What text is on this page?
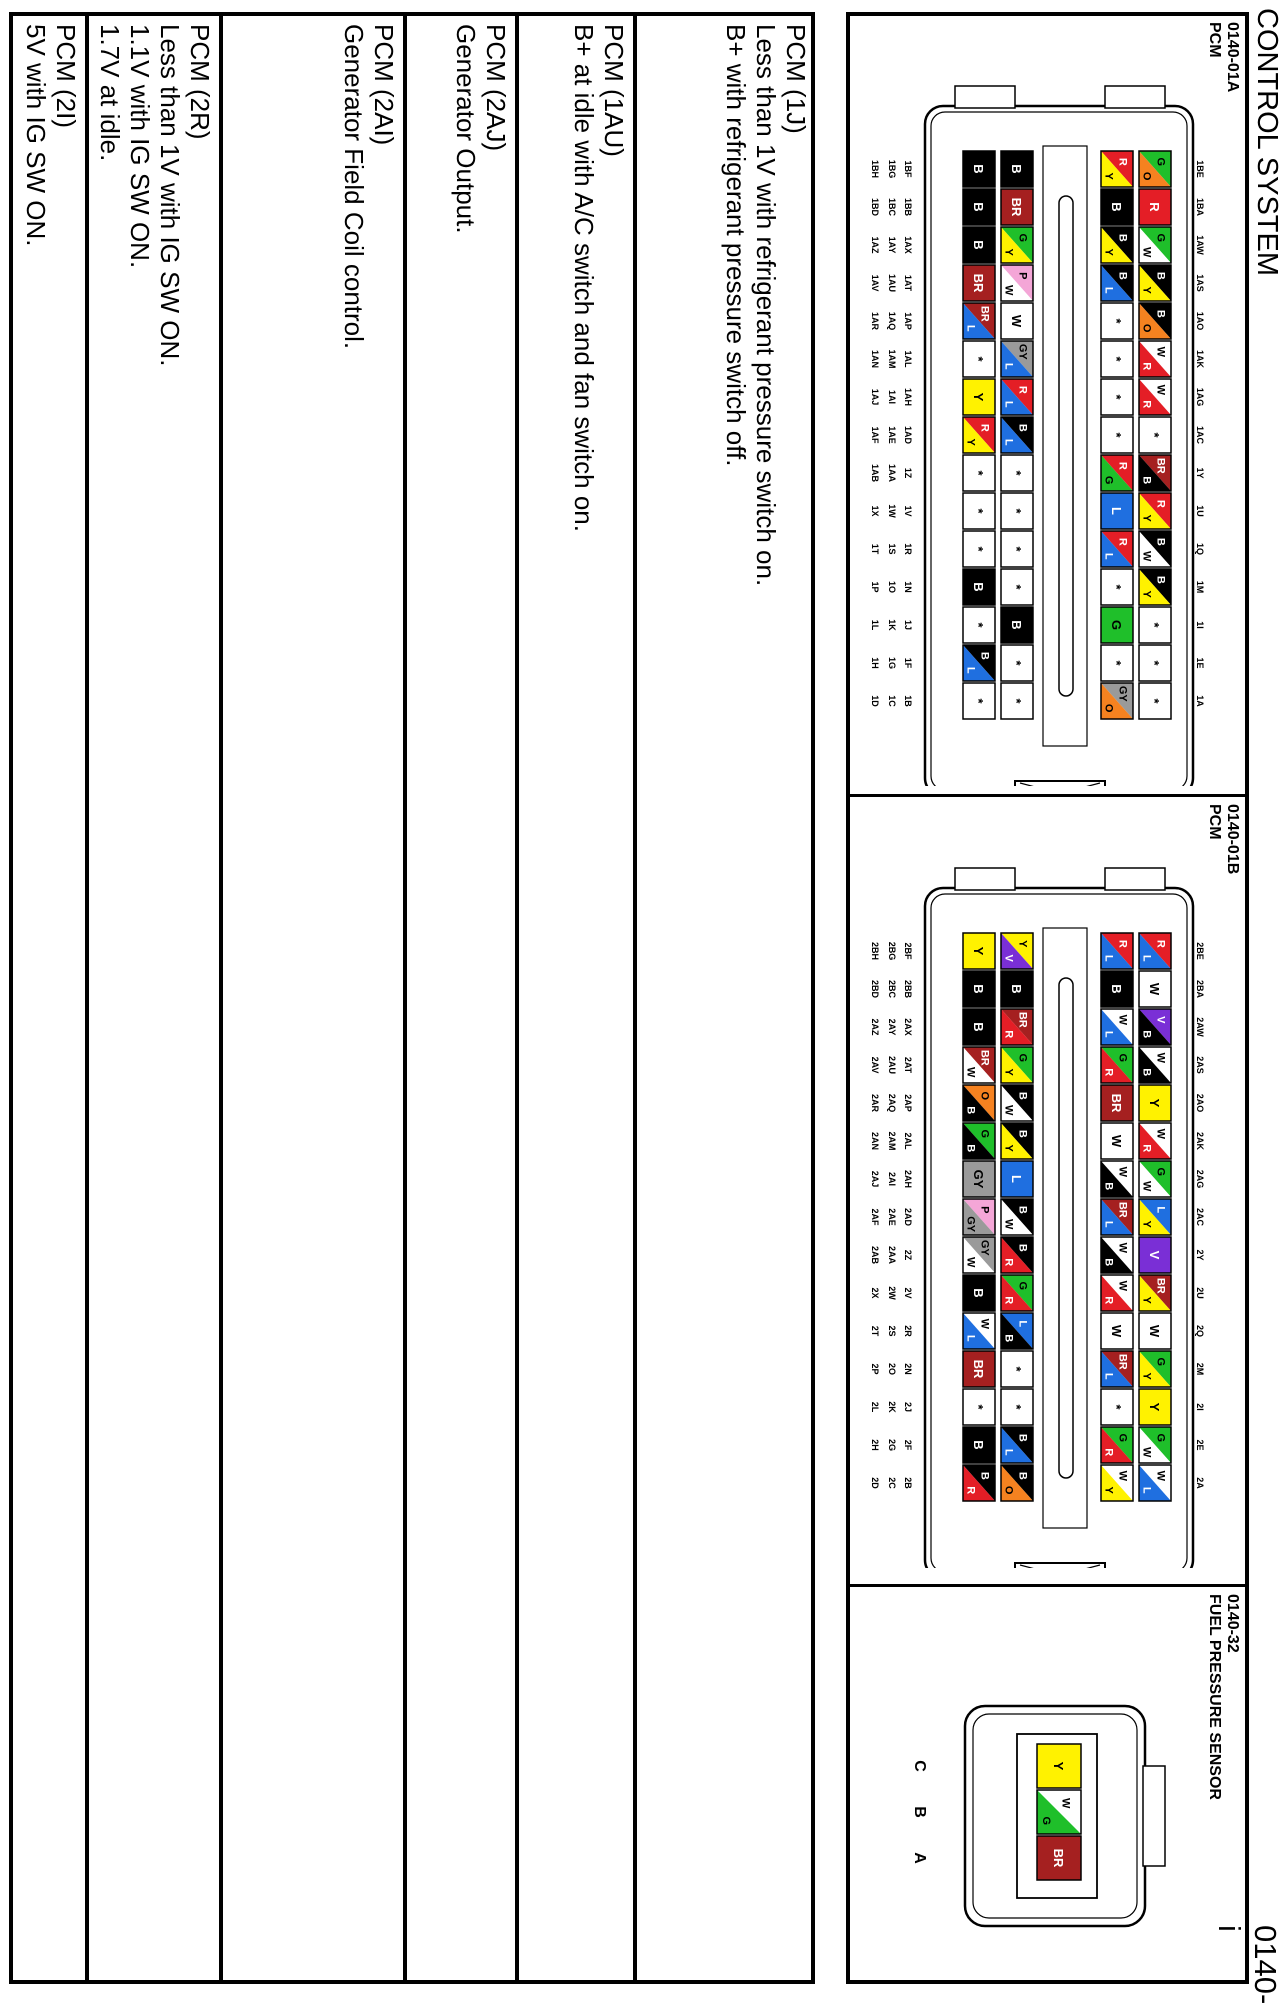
CONTROL SYSTEM
0140-i
0140-01A
PCM
0140-01B
PCM
0140-32
FUEL PRESSURE SENSOR
G
O
R
G
W
B
Y
B
O
W
R
W
R
*
BR
B
R
Y
B
W
B
Y
*
*
*
R
Y
B
B
Y
B
L
*
*
*
*
R
G
L
R
L
*
G
*
GY
O
B
BR
G
Y
P
W
W
GY
L
R
L
B
L
*
*
*
*
B
*
*
B
B
B
BR
BR
L
*
Y
R
Y
*
*
*
B
*
B
L
*
1BE
1BA
1AW
1AS
1AO
1AK
1AG
1AC
1Y
1U
1Q
1M
1I
1E
1A
1BF
1BB
1AX
1AT
1AP
1AL
1AH
1AD
1Z
1V
1R
1N
1J
1F
1B
1BG
1BC
1AY
1AU
1AQ
1AM
1AI
1AE
1AA
1W
1S
1O
1K
1G
1C
1BH
1BD
1AZ
1AV
1AR
1AN
1AJ
1AF
1AB
1X
1T
1P
1L
1H
1D
R
L
W
V
B
W
B
Y
W
R
G
W
L
Y
V
BR
Y
W
G
Y
Y
G
W
W
L
R
L
B
W
L
G
R
BR
W
W
B
BR
L
W
B
W
R
W
BR
L
*
G
R
W
Y
Y
V
B
BR
R
G
Y
B
W
B
Y
L
B
W
B
R
G
R
L
B
*
*
B
L
B
O
Y
B
B
BR
W
O
B
G
B
GY
P
GY
GY
W
B
W
L
BR
*
B
B
R
2BE
2BA
2AW
2AS
2AO
2AK
2AG
2AC
2Y
2U
2Q
2M
2I
2E
2A
2BF
2BB
2AX
2AT
2AP
2AL
2AH
2AD
2Z
2V
2R
2N
2J
2F
2B
2BG
2BC
2AY
2AU
2AQ
2AM
2AI
2AE
2AA
2W
2S
2O
2K
2G
2C
2BH
2BD
2AZ
2AV
2AR
2AN
2AJ
2AF
2AB
2X
2T
2P
2L
2H
2D
Y
W
G
BR
C
B
A
PCM (1J)
Less than 1V with refrigerant pressure switch on.
B+ with refrigerant pressure switch off.
PCM (1AU)
B+ at idle with A/C switch and fan switch on.
PCM (2AJ)
Generator Output.
PCM (2AI)
Generator Field Coil control.
PCM (2R)
Less than 1V with IG SW ON.
1.1V with IG SW ON.
1.7V at idle.
PCM (2I)
5V with IG SW ON.
